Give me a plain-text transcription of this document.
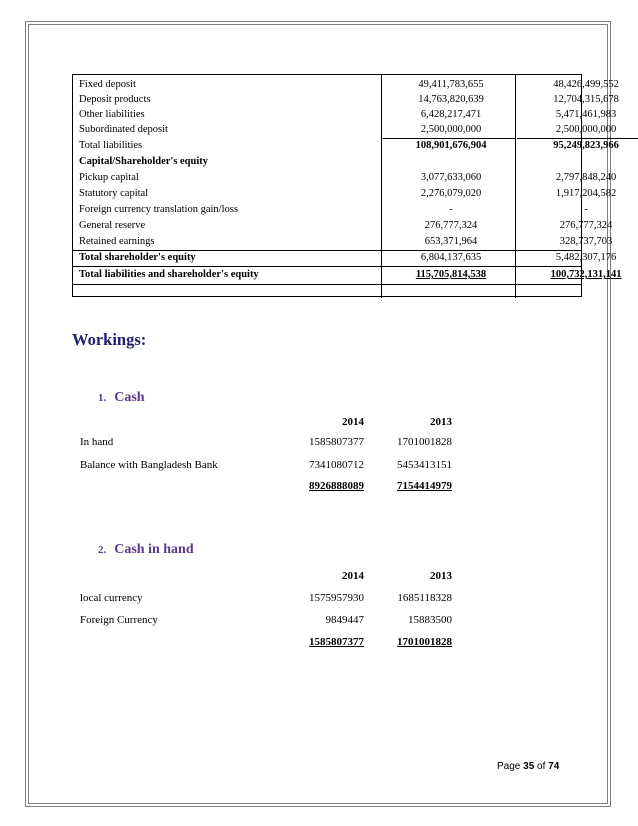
Fixed deposit	49,411,783,655	48,426,499,552
Deposit products	14,763,820,639	12,704,315,678
Other liabilities	6,428,217,471	5,471,461,983
Subordinated deposit	2,500,000,000	2,500,000,000
Total liabilities	108,901,676,904	95,249,823,966
Capital/Shareholder's equity
Pickup capital	3,077,633,060	2,797,848,240
Statutory capital	2,276,079,020	1,917,204,582
Foreign currency translation gain/loss	-	-
General reserve	276,777,324	276,777,324
Retained earnings	653,371,964	328,737,703
Total shareholder's equity	6,804,137,635	5,482,307,176
Total liabilities and shareholder's equity	115,705,814,538	100,732,131,141
Workings:
1. Cash
2014	2013
In hand	1585807377	1701001828
Balance with Bangladesh Bank	7341080712	5453413151
8926888089	7154414979
2. Cash in hand
2014	2013
local currency	1575957930	1685118328
Foreign Currency	9849447	15883500
1585807377	1701001828
Page 35 of 74
